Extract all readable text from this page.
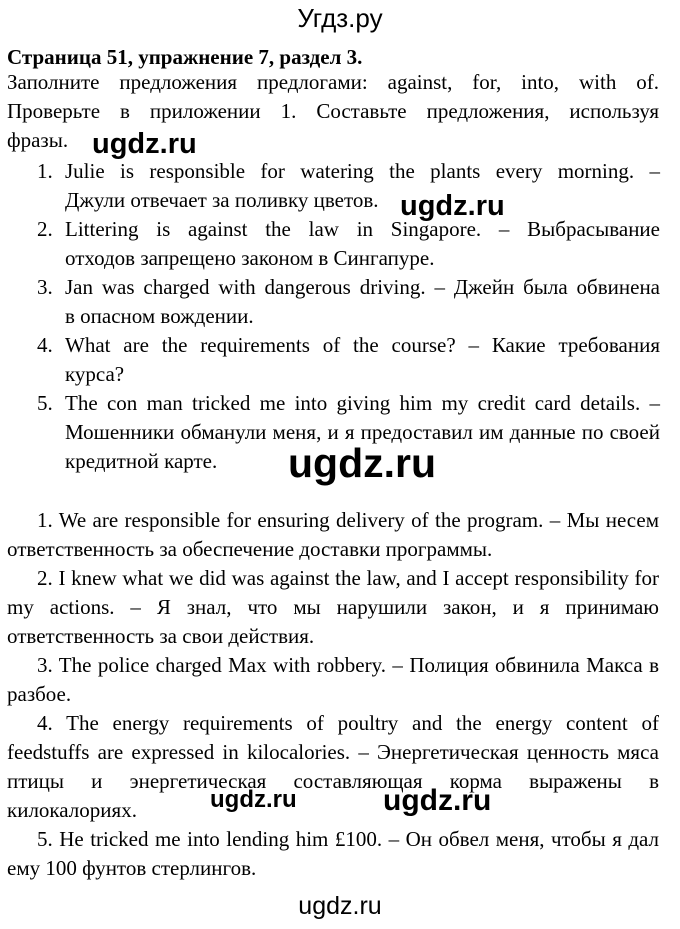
Угдз.ру
Страница 51, упражнение 7, раздел 3.
Заполните предложения предлогами: against, for, into, with of.
Проверьте в приложении 1. Составьте предложения, используя
фразы.
1. Julie is responsible for watering the plants every morning. –
Джули отвечает за поливку цветов.
2. Littering is against the law in Singapore. – Выбрасывание
отходов запрещено законом в Сингапуре.
3. Jan was charged with dangerous driving. – Джейн была обвинена
в опасном вождении.
4. What are the requirements of the course? – Какие требования
курса?
5. The con man tricked me into giving him my credit card details. –
Мошенники обманули меня, и я предоставил им данные по своей кредитной карте.

1. We are responsible for ensuring delivery of the program. – Мы несем ответственность за обеспечение доставки программы.

2. I knew what we did was against the law, and I accept responsibility for my actions. – Я знал, что мы нарушили закон, и я принимаю ответственность за свои действия.

3. The police charged Max with robbery. – Полиция обвинила Макса в разбое.

4. The energy requirements of poultry and the energy content of feedstuffs are expressed in kilocalories. – Энергетическая ценность мяса птицы и энергетическая составляющая корма выражены в килокалориях.

5. He tricked me into lending him £100. – Он обвел меня, чтобы я дал ему 100 фунтов стерлингов.

ugdz.ru
ugdz.ru
ugdz.ru
ugdz.ru	ugdz.ru
ugdz.ru
